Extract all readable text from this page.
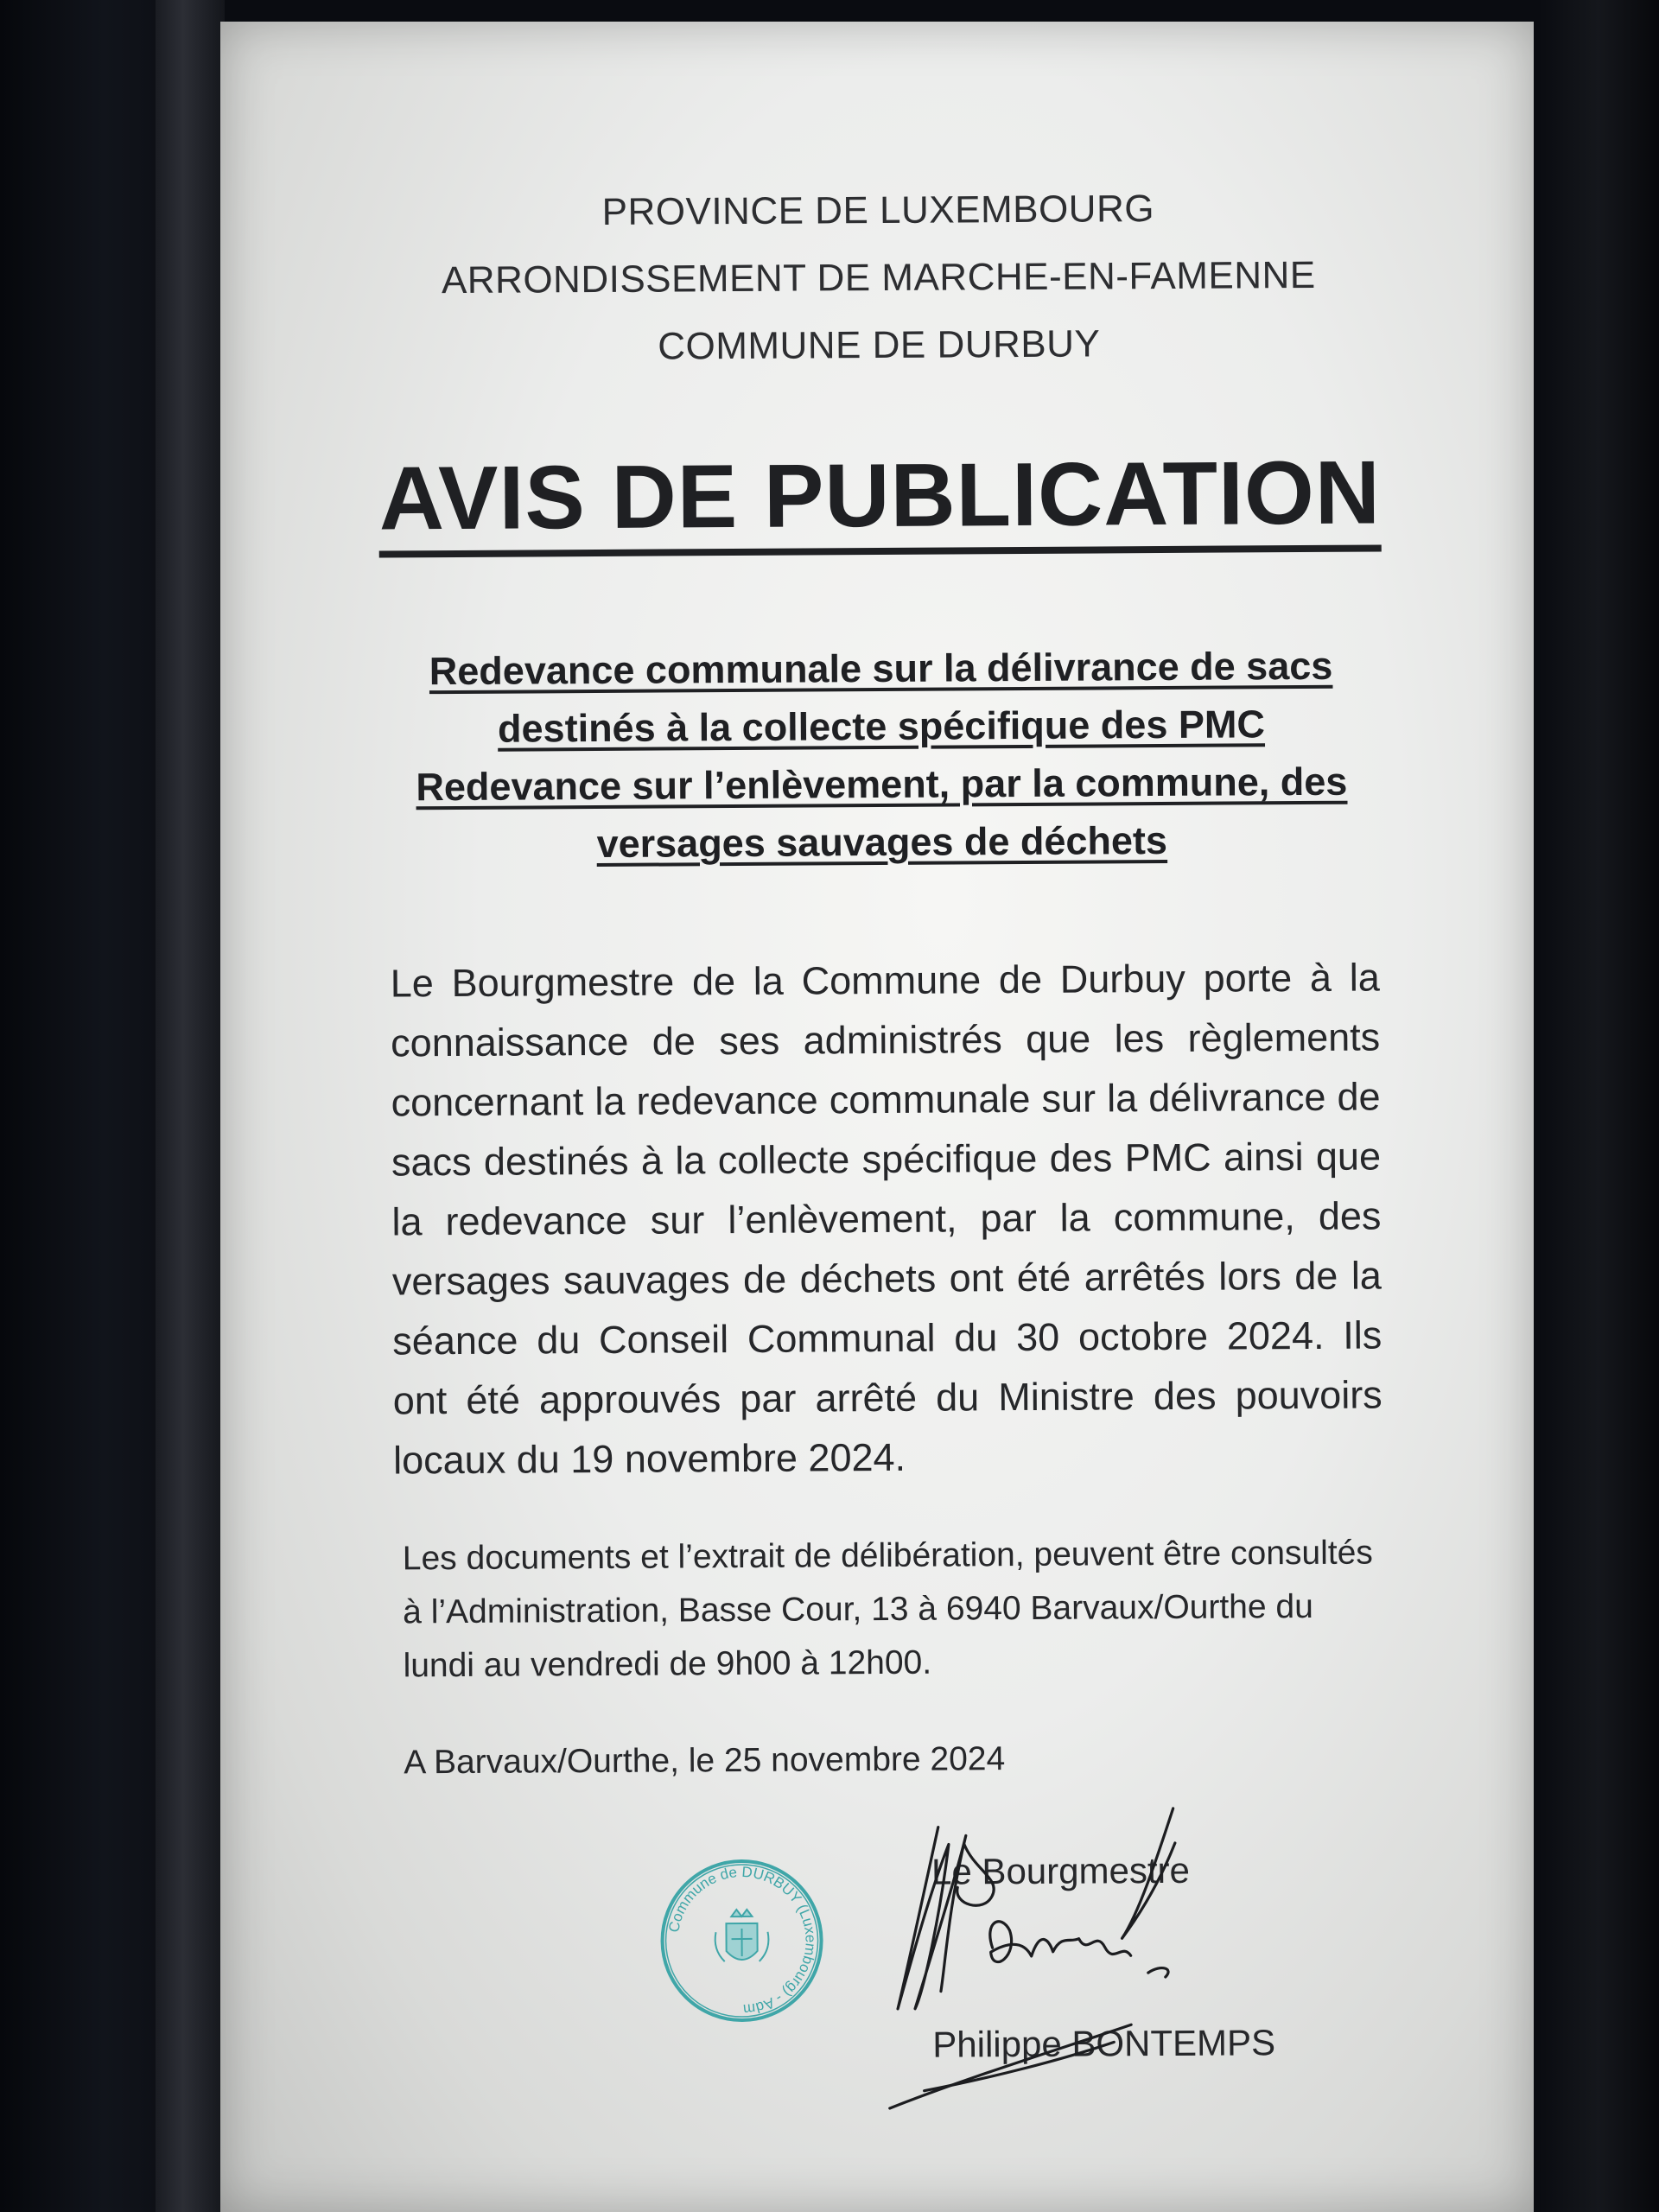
PROVINCE DE LUXEMBOURG
ARRONDISSEMENT DE MARCHE-EN-FAMENNE
COMMUNE DE DURBUY
AVIS DE PUBLICATION
Redevance communale sur la délivrance de sacs destinés à la collecte spécifique des PMC
Redevance sur l’enlèvement, par la commune, des versages sauvages de déchets
Le Bourgmestre de la Commune de Durbuy porte à la connaissance de ses administrés que les règlements concernant la redevance communale sur la délivrance de sacs destinés à la collecte spécifique des PMC ainsi que la redevance sur l’enlèvement, par la commune, des versages sauvages de déchets ont été arrêtés lors de la séance du Conseil Communal du 30 octobre 2024. Ils ont été approuvés par arrêté du Ministre des pouvoirs locaux du 19 novembre 2024.
Les documents et l’extrait de délibération, peuvent être consultés à l’Administration, Basse Cour, 13 à 6940 Barvaux/Ourthe du lundi au vendredi de 9h00 à 12h00.
A Barvaux/Ourthe, le 25 novembre 2024
Commune de DURBUY (Luxembourg) - Adm
Le Bourgmestre
Philippe BONTEMPS
